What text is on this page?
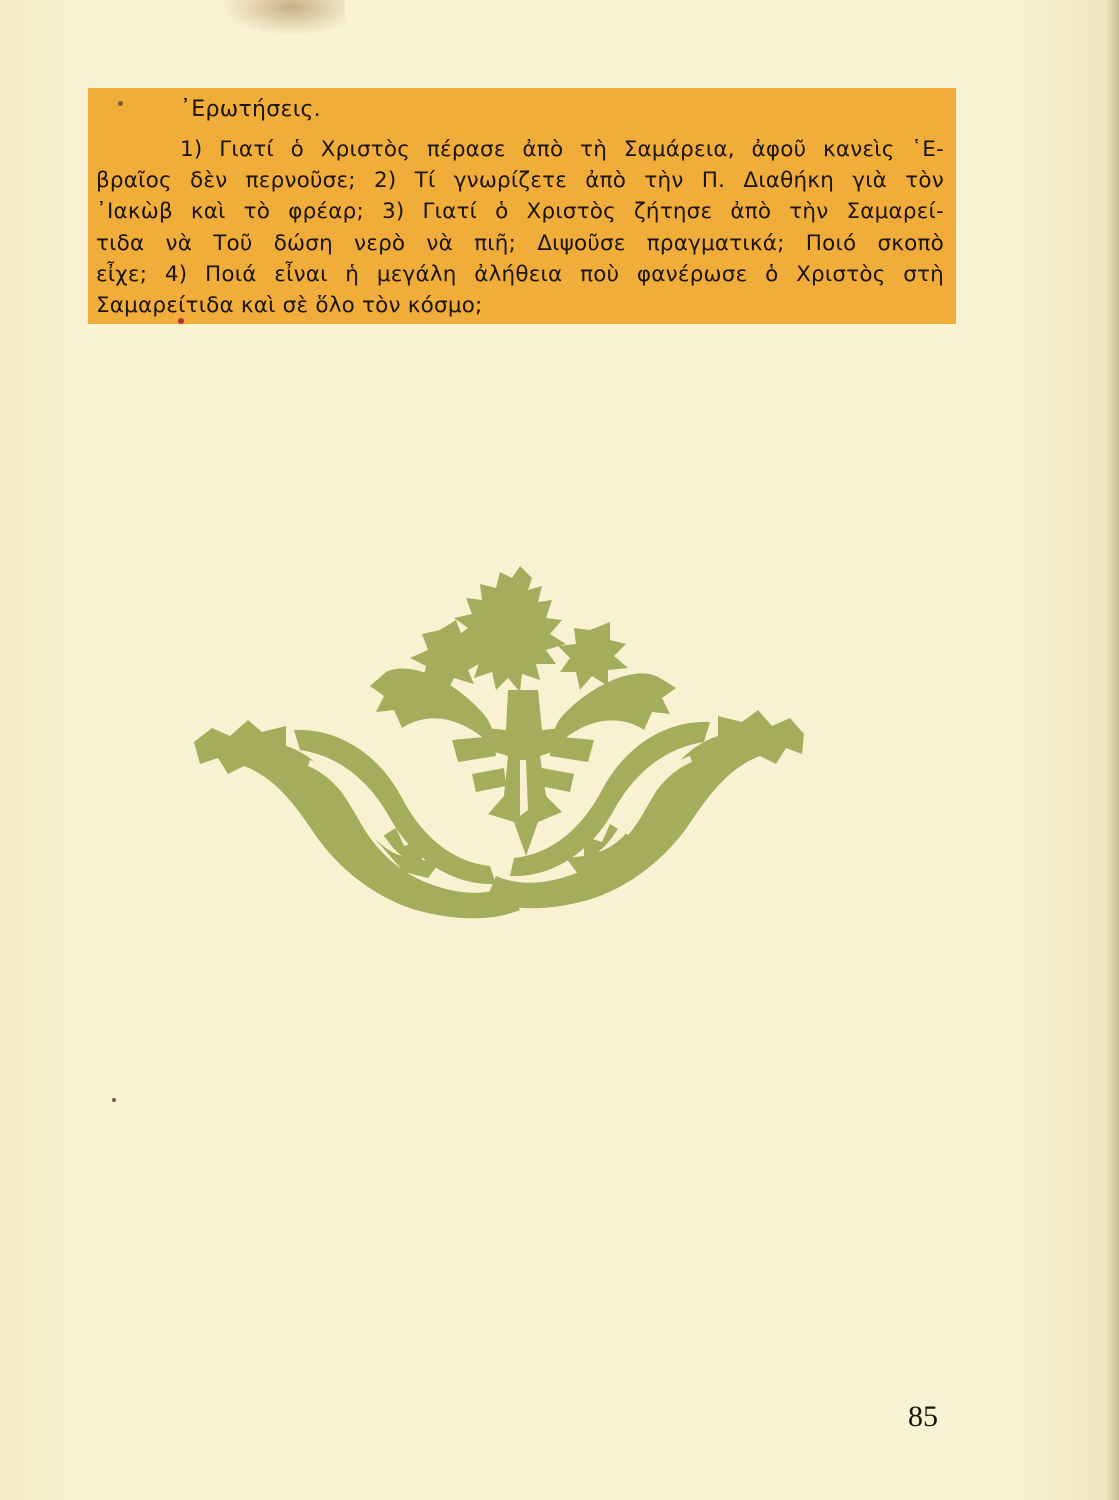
᾿Ερωτήσεις.
1) Γιατί ὁ Χριστὸς πέρασε ἀπὸ τὴ Σαμάρεια, ἀφοῦ κανεὶς ῾Ε-
βραῖος δὲν περνοῦσε; 2) Τί γνωρίζετε ἀπὸ τὴν Π. Διαθήκη γιὰ τὸν
᾿Ιακὼβ καὶ τὸ φρέαρ; 3) Γιατί ὁ Χριστὸς ζήτησε ἀπὸ τὴν Σαμαρεί-
τιδα νὰ Τοῦ δώση νερὸ νὰ πιῆ; Διψοῦσε πραγματικά; Ποιό σκοπὸ
εἶχε; 4) Ποιά εἶναι ἡ μεγάλη ἀλήθεια ποὺ φανέρωσε ὁ Χριστὸς στὴ
Σαμαρείτιδα καὶ σὲ ὅλο τὸν κόσμο;
85
